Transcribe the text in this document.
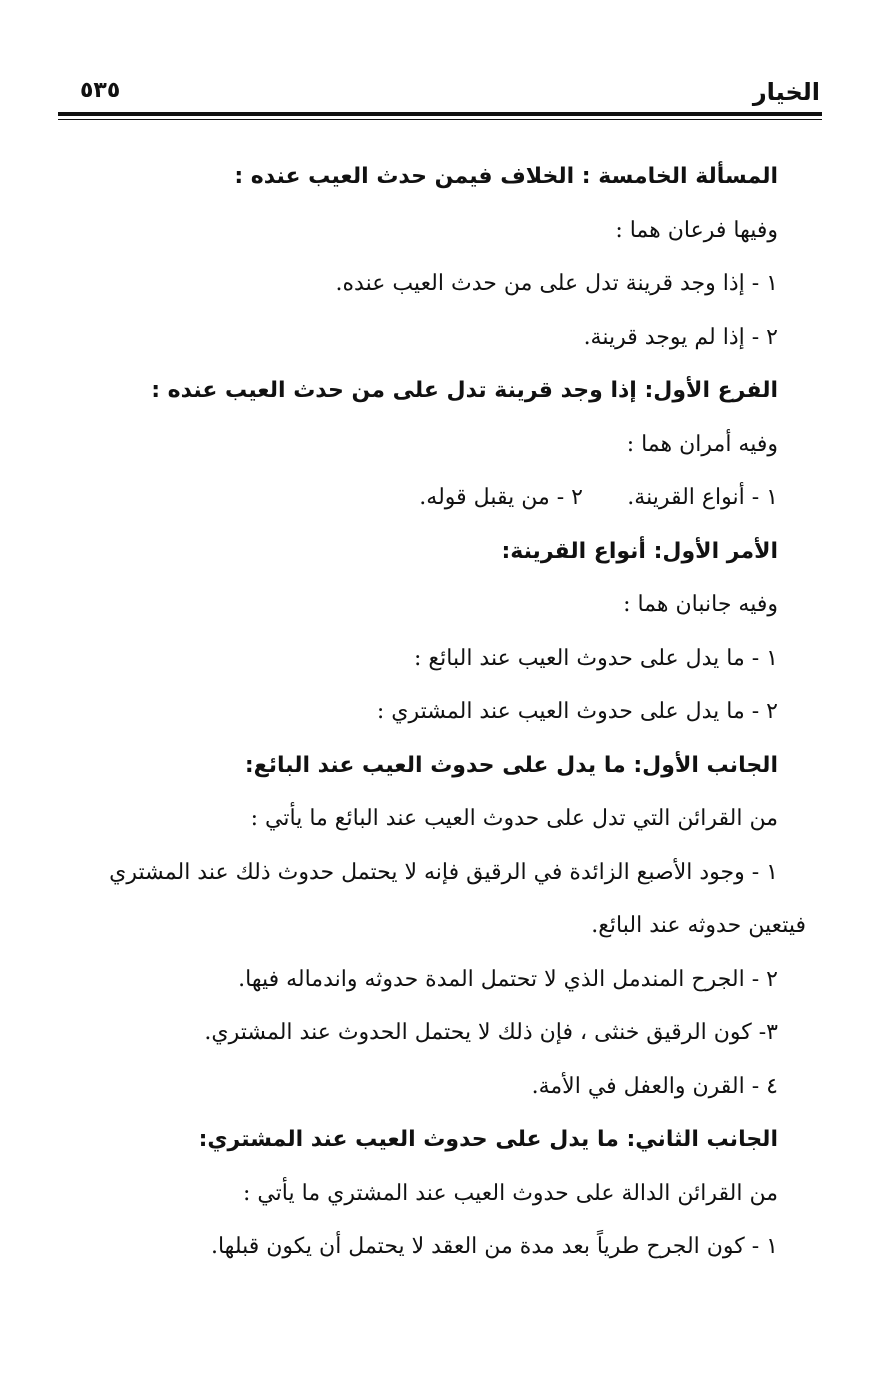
الخيار
٥٣٥
المسألة الخامسة : الخلاف فيمن حدث العيب عنده :
وفيها فرعان هما :
١ - إذا وجد قرينة تدل على من حدث العيب عنده.
٢ - إذا لم يوجد قرينة.
الفرع الأول: إذا وجد قرينة تدل على من حدث العيب عنده :
وفيه أمران هما :
١ - أنواع القرينة.
٢ - من يقبل قوله.
الأمر الأول: أنواع القرينة:
وفيه جانبان هما :
١ - ما يدل على حدوث العيب عند البائع :
٢ - ما يدل على حدوث العيب عند المشتري :
الجانب الأول: ما يدل على حدوث العيب عند البائع:
من القرائن التي تدل على حدوث العيب عند البائع ما يأتي :
١ - وجود الأصبع الزائدة في الرقيق فإنه لا يحتمل حدوث ذلك عند المشتري
فيتعين حدوثه عند البائع.
٢ - الجرح المندمل الذي لا تحتمل المدة حدوثه واندماله فيها.
٣- كون الرقيق خنثى ، فإن ذلك لا يحتمل الحدوث عند المشتري.
٤ - القرن والعفل في الأمة.
الجانب الثاني: ما يدل على حدوث العيب عند المشتري:
من القرائن الدالة على حدوث العيب عند المشتري ما يأتي :
١ - كون الجرح طرياً بعد مدة من العقد لا يحتمل أن يكون قبلها.
